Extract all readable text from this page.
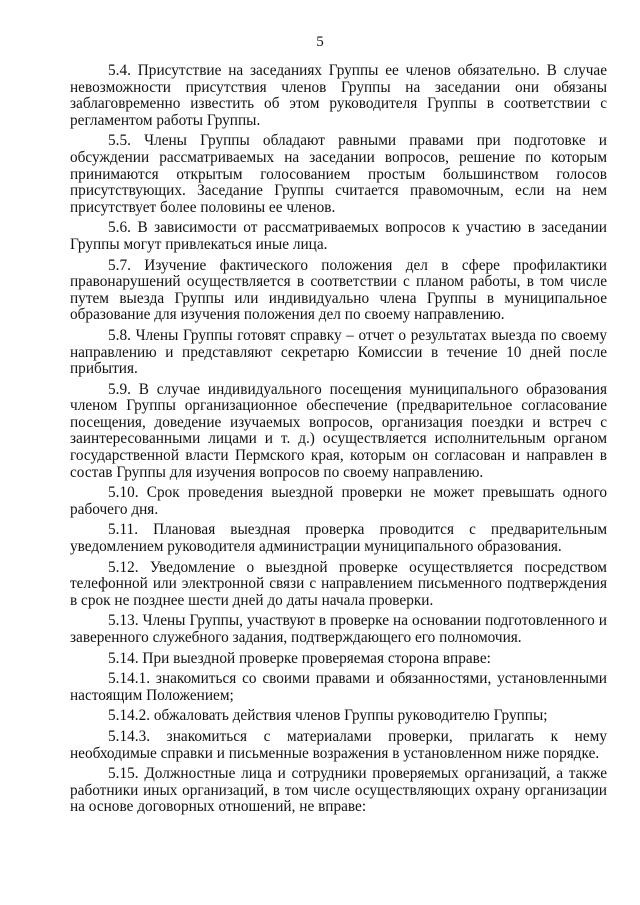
5

5.4. Присутствие на заседаниях Группы ее членов обязательно. В случае невозможности присутствия членов Группы на заседании они обязаны заблаговременно известить об этом руководителя Группы в соответствии с регламентом работы Группы.

5.5. Члены Группы обладают равными правами при подготовке и обсуждении рассматриваемых на заседании вопросов, решение по которым принимаются открытым голосованием простым большинством голосов присутствующих. Заседание Группы считается правомочным, если на нем присутствует более половины ее членов.

5.6. В зависимости от рассматриваемых вопросов к участию в заседании Группы могут привлекаться иные лица.

5.7. Изучение фактического положения дел в сфере профилактики правонарушений осуществляется в соответствии с планом работы, в том числе путем выезда Группы или индивидуально члена Группы в муниципальное образование для изучения положения дел по своему направлению.

5.8. Члены Группы готовят справку – отчет о результатах выезда по своему направлению и представляют секретарю Комиссии в течение 10 дней после прибытия.

5.9. В случае индивидуального посещения муниципального образования членом Группы организационное обеспечение (предварительное согласование посещения, доведение изучаемых вопросов, организация поездки и встреч с заинтересованными лицами и т. д.) осуществляется исполнительным органом государственной власти Пермского края, которым он согласован и направлен в состав Группы для изучения вопросов по своему направлению.

5.10. Срок проведения выездной проверки не может превышать одного рабочего дня.

5.11. Плановая выездная проверка проводится с предварительным уведомлением руководителя администрации муниципального образования.

5.12. Уведомление о выездной проверке осуществляется посредством телефонной или электронной связи с направлением письменного подтверждения в срок не позднее шести дней до даты начала проверки.

5.13. Члены Группы, участвуют в проверке на основании подготовленного и заверенного служебного задания, подтверждающего его полномочия.

5.14. При выездной проверке проверяемая сторона вправе:

5.14.1. знакомиться со своими правами и обязанностями, установленными настоящим Положением;

5.14.2. обжаловать действия членов Группы руководителю Группы;

5.14.3. знакомиться с материалами проверки, прилагать к нему необходимые справки и письменные возражения в установленном ниже порядке.

5.15. Должностные лица и сотрудники проверяемых организаций, а также работники иных организаций, в том числе осуществляющих охрану организации на основе договорных отношений, не вправе:
